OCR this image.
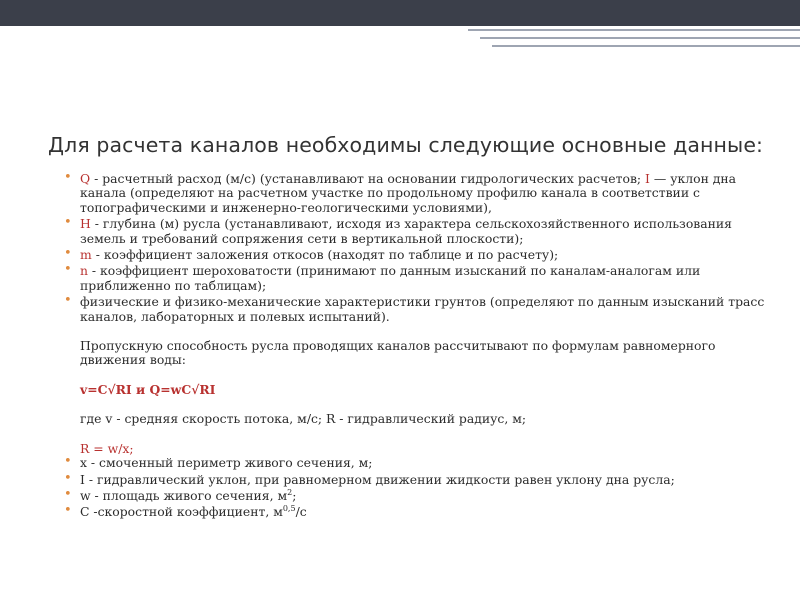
Для расчета каналов необходимы следующие основные данные:
• Q - расчетный расход (м/с) (устанавливают на основании гидрологических расчетов; I — уклон дна канала (определяют на расчетном участке по продольному профилю канала в соответствии с топографическими и инженерно-геологическими условиями),
• Н - глубина (м) русла (устанавливают, исходя из характера сельскохозяйственного использования земель и требований сопряжения сети в вертикальной плоскости);
• m - коэффициент заложения откосов (находят по таблице и по расчету);
• n - коэффициент шероховатости (принимают по данным изысканий по каналам-аналогам или приближенно по таблицам);
• физические и физико-механические характеристики грунтов (определяют по данным изысканий трасс каналов, лабораторных и полевых испытаний).
Пропускную способность русла проводящих каналов рассчитывают по формулам равномерного движения воды:
v=C√RI и Q=wC√RI
где v - средняя скорость потока, м/с; R - гидравлический радиус, м;
R = w/x;
• x - смоченный периметр живого сечения, м;
• I - гидравлический уклон, при равномерном движении жидкости равен уклону дна русла;
• w - площадь живого сечения, $м^2$;
• С -скоростной коэффициент, $м^{0,5}/с$
